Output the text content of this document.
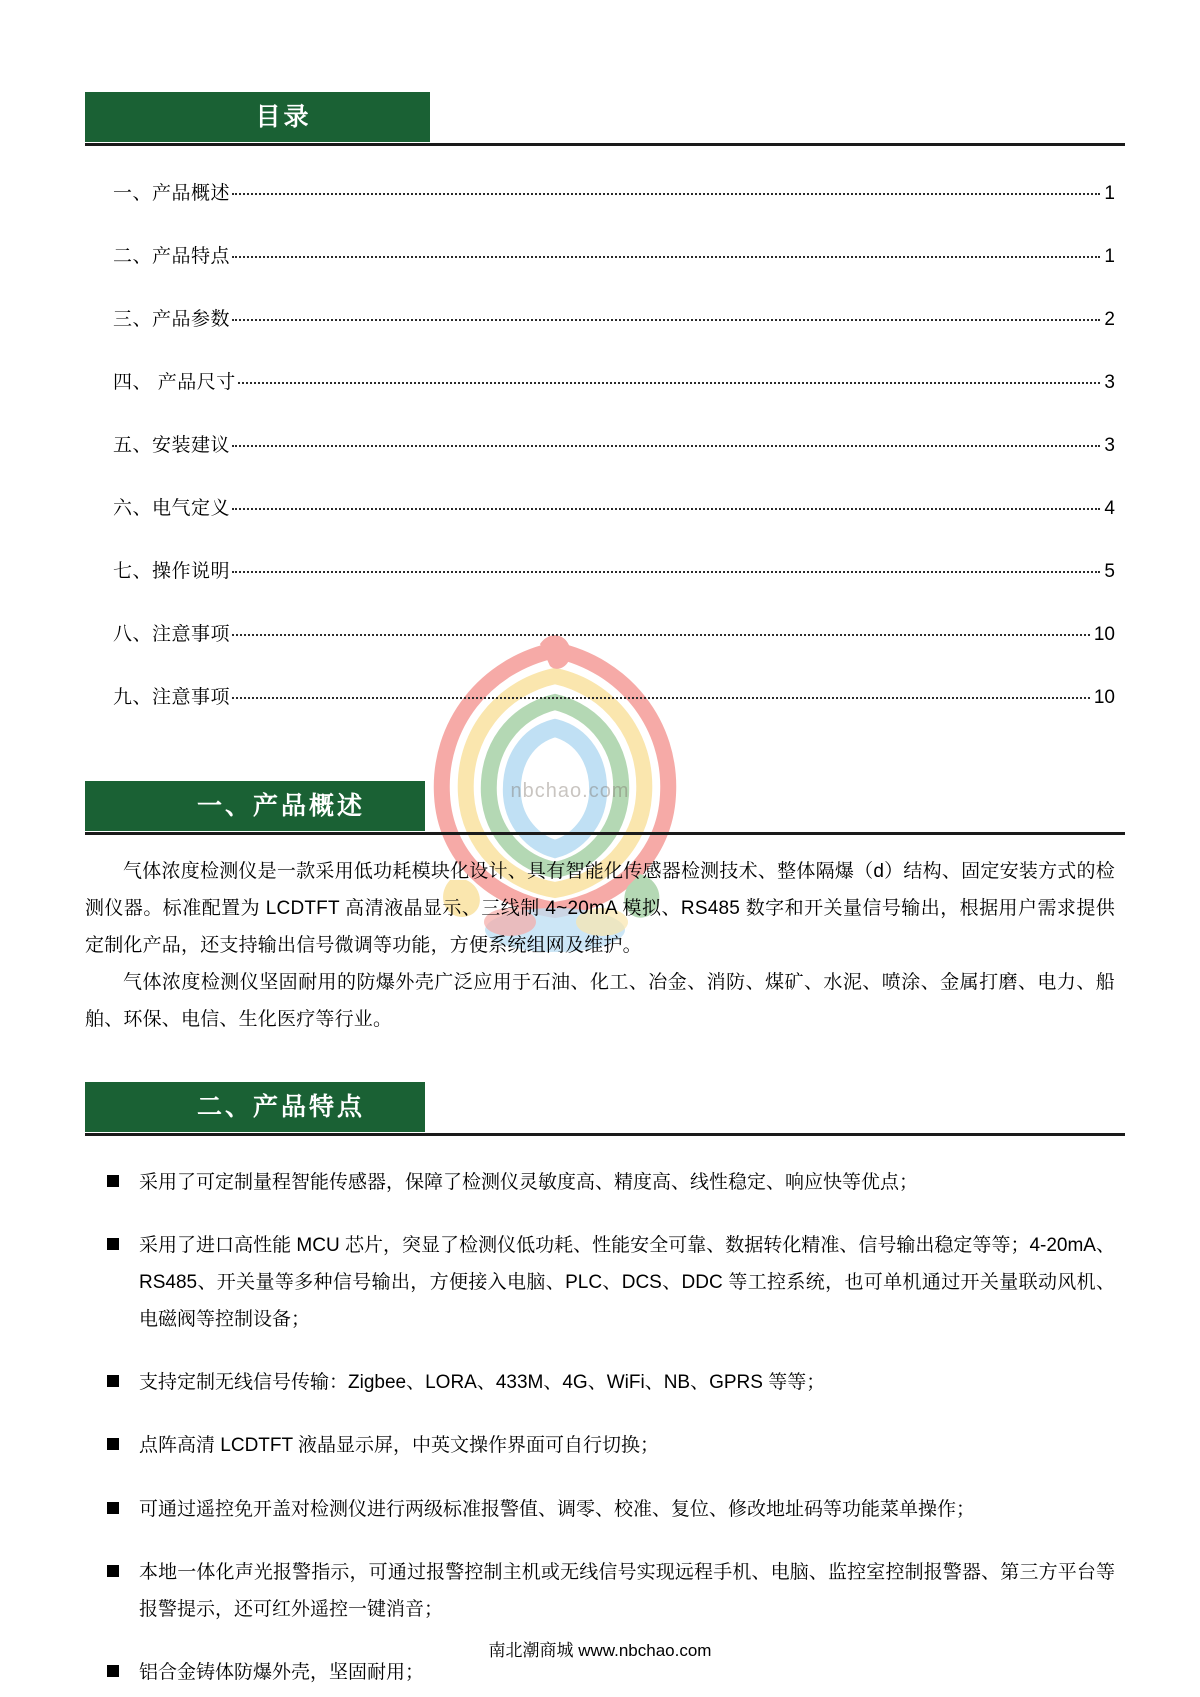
nbchao.com
目录
一、产品概述	1
二、产品特点	1
三、产品参数	2
四、 产品尺寸	3
五、安装建议	3
六、电气定义	4
七、操作说明	5
八、注意事项	10
九、注意事项	10
一、产品概述

气体浓度检测仪是一款采用低功耗模块化设计、具有智能化传感器检测技术、整体隔爆（d）结构、固定安装方式的检测仪器。标准配置为 LCDTFT 高清液晶显示、三线制 4~20mA 模拟、RS485 数字和开关量信号输出，根据用户需求提供定制化产品，还支持输出信号微调等功能，方便系统组网及维护。

气体浓度检测仪坚固耐用的防爆外壳广泛应用于石油、化工、冶金、消防、煤矿、水泥、喷涂、金属打磨、电力、船舶、环保、电信、生化医疗等行业。

二、产品特点
采用了可定制量程智能传感器，保障了检测仪灵敏度高、精度高、线性稳定、响应快等优点；
采用了进口高性能 MCU 芯片，突显了检测仪低功耗、性能安全可靠、数据转化精准、信号输出稳定等等；4-20mA、RS485、开关量等多种信号输出，方便接入电脑、PLC、DCS、DDC 等工控系统，也可单机通过开关量联动风机、电磁阀等控制设备；
支持定制无线信号传输：Zigbee、LORA、433M、4G、WiFi、NB、GPRS 等等；
点阵高清 LCDTFT 液晶显示屏，中英文操作界面可自行切换；
可通过遥控免开盖对检测仪进行两级标准报警值、调零、校准、复位、修改地址码等功能菜单操作；
本地一体化声光报警指示，可通过报警控制主机或无线信号实现远程手机、电脑、监控室控制报警器、第三方平台等报警提示，还可红外遥控一键消音；
铝合金铸体防爆外壳，坚固耐用；
南北潮商城 www.nbchao.com
